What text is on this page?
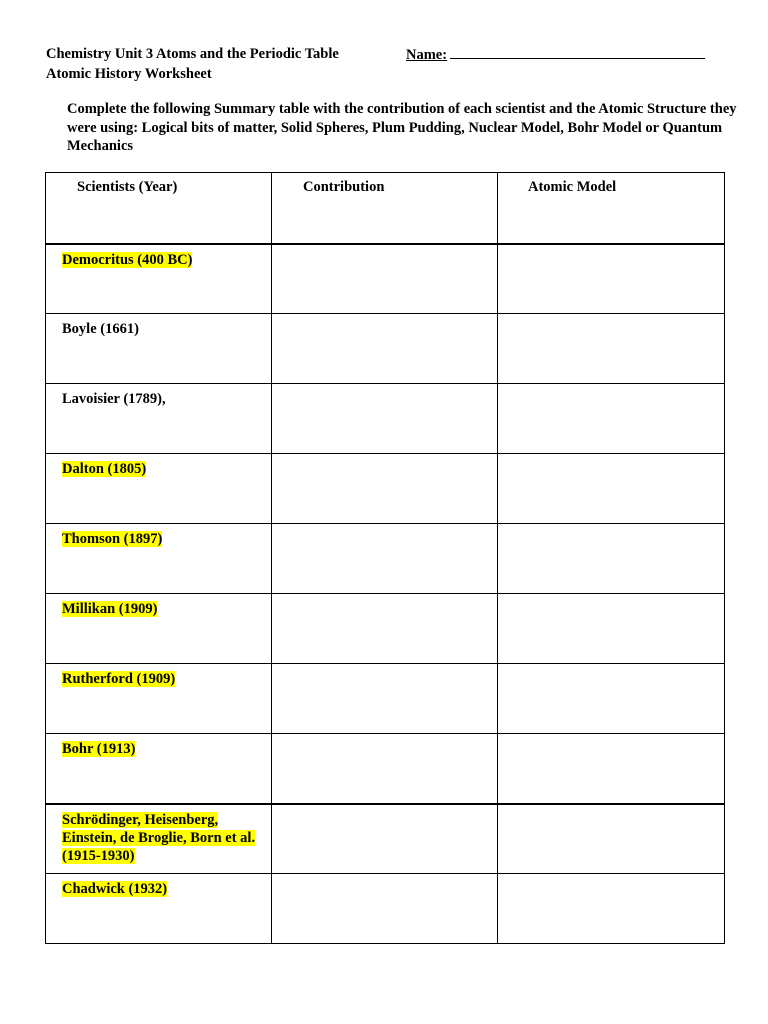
Chemistry Unit 3 Atoms and the Periodic Table
Atomic History Worksheet
Name:
Complete the following Summary table with the contribution of each scientist and the Atomic Structure they were using: Logical bits of matter, Solid Spheres, Plum Pudding, Nuclear Model, Bohr Model or Quantum Mechanics
Scientists (Year)	Contribution	Atomic Model

Democritus (400 BC)		

Boyle (1661)		

Lavoisier (1789),		

Dalton (1805)		

Thomson (1897)		

Millikan (1909)		

Rutherford (1909)		

Bohr (1913)		

Schrödinger, Heisenberg, Einstein, de Broglie, Born et al. (1915-1930)		

Chadwick (1932)		
